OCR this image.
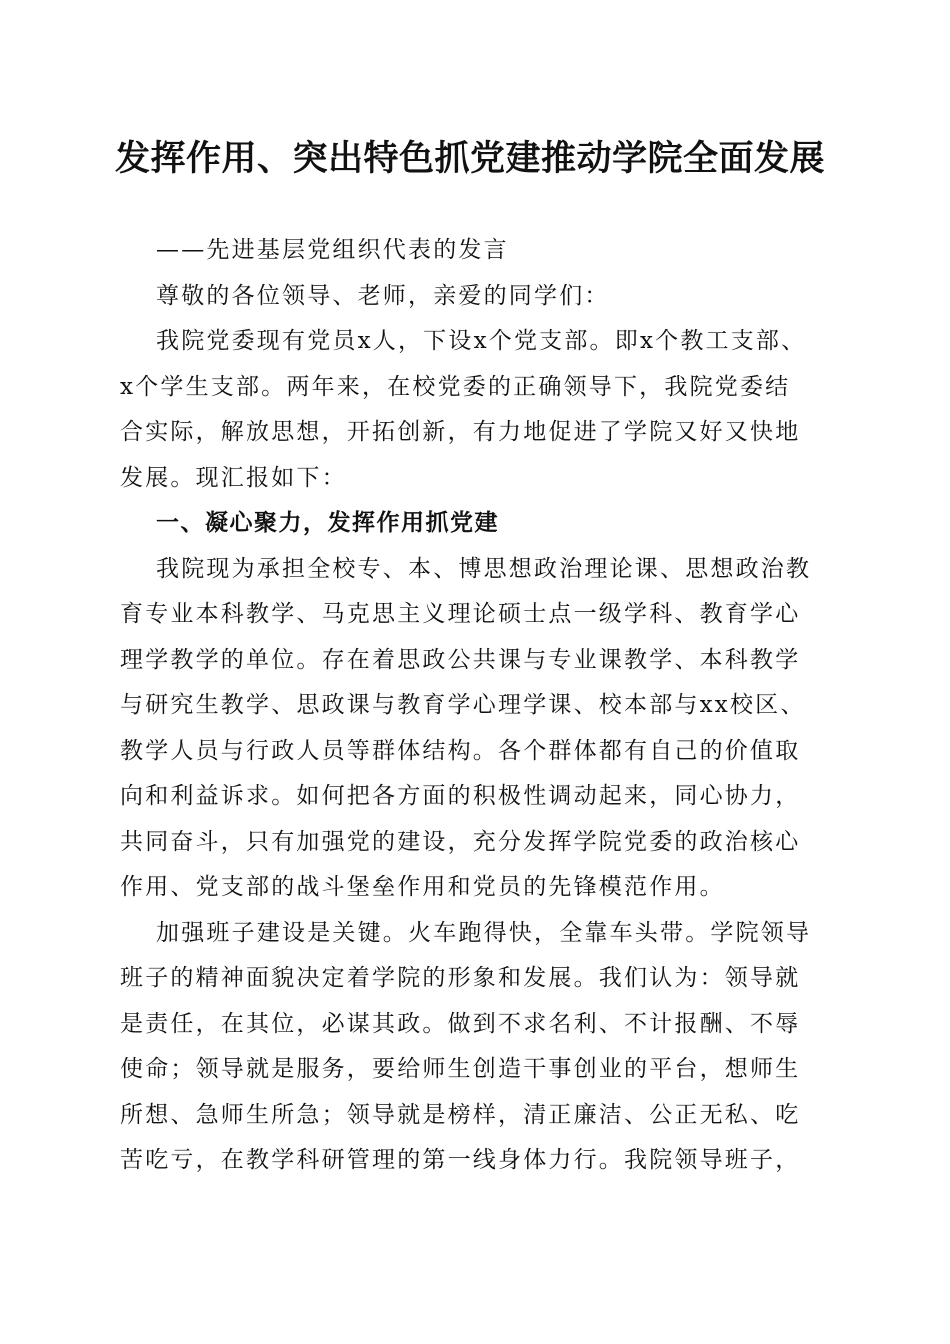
发挥作用、突出特色抓党建推动学院全面发展
——先进基层党组织代表的发言
尊敬的各位领导、老师，亲爱的同学们：
我院党委现有党员x人，下设x个党支部。即x个教工支部、
x个学生支部。两年来，在校党委的正确领导下，我院党委结
合实际，解放思想，开拓创新，有力地促进了学院又好又快地
发展。现汇报如下：
一、凝心聚力，发挥作用抓党建
我院现为承担全校专、本、博思想政治理论课、思想政治教
育专业本科教学、马克思主义理论硕士点一级学科、教育学心
理学教学的单位。存在着思政公共课与专业课教学、本科教学
与研究生教学、思政课与教育学心理学课、校本部与xx校区、
教学人员与行政人员等群体结构。各个群体都有自己的价值取
向和利益诉求。如何把各方面的积极性调动起来，同心协力，
共同奋斗，只有加强党的建设，充分发挥学院党委的政治核心
作用、党支部的战斗堡垒作用和党员的先锋模范作用。
加强班子建设是关键。火车跑得快，全靠车头带。学院领导
班子的精神面貌决定着学院的形象和发展。我们认为：领导就
是责任，在其位，必谋其政。做到不求名利、不计报酬、不辱
使命；领导就是服务，要给师生创造干事创业的平台，想师生
所想、急师生所急；领导就是榜样，清正廉洁、公正无私、吃
苦吃亏，在教学科研管理的第一线身体力行。我院领导班子，
